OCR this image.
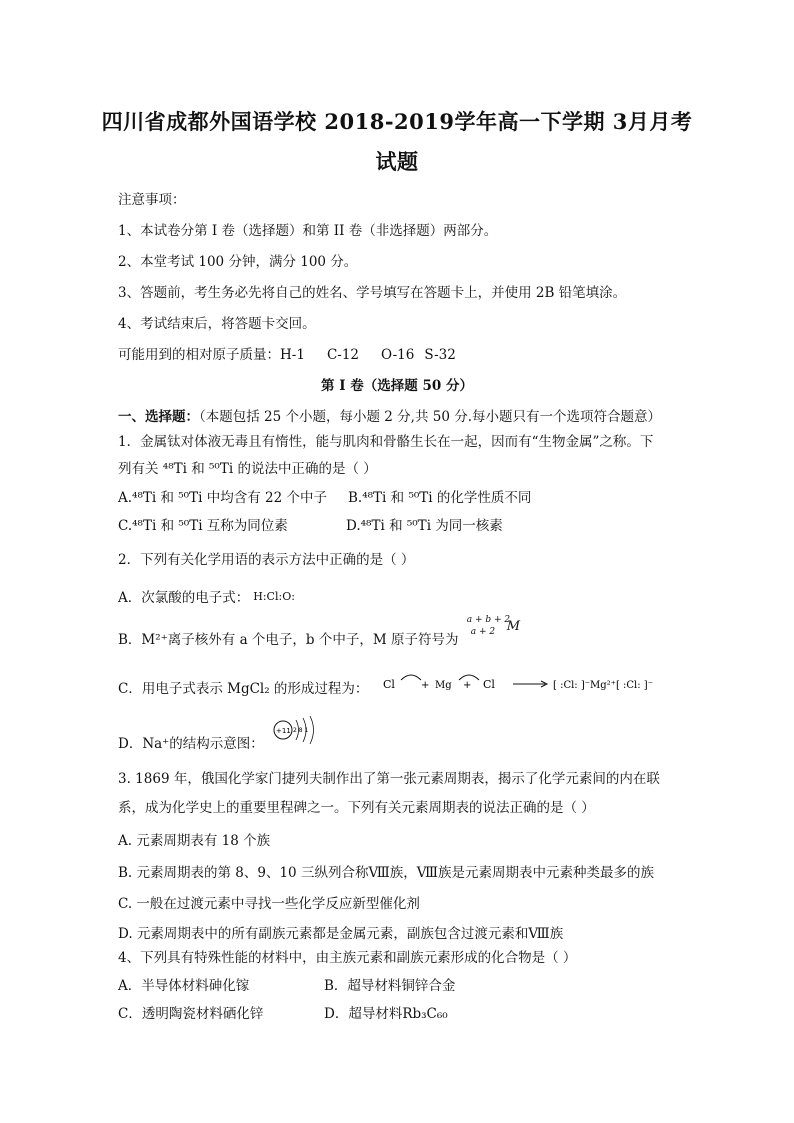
四川省成都外国语学校 2018-2019学年高一下学期 3月月考
试题
注意事项：
1、本试卷分第 I 卷（选择题）和第 II 卷（非选择题）两部分。
2、本堂考试 100 分钟，满分 100 分。
3、答题前，考生务必先将自己的姓名、学号填写在答题卡上，并使用 2B 铅笔填涂。
4、考试结束后，将答题卡交回。
可能用到的相对原子质量：H-1 C-12 O-16 S-32
第 I 卷（选择题 50 分）
一、选择题：（本题包括 25 个小题，每小题 2 分,共 50 分.每小题只有一个选项符合题意）
1．金属钛对体液无毒且有惰性，能与肌肉和骨骼生长在一起，因而有“生物金属”之称。下
列有关 ⁴⁸Ti 和 ⁵⁰Ti 的说法中正确的是（ ）
A.⁴⁸Ti 和 ⁵⁰Ti 中均含有 22 个中子 B.⁴⁸Ti 和 ⁵⁰Ti 的化学性质不同
C.⁴⁸Ti 和 ⁵⁰Ti 互称为同位素	D.⁴⁸Ti 和 ⁵⁰Ti 为同一核素
2．下列有关化学用语的表示方法中正确的是（ ）
A．次氯酸的电子式： H:Cl:O:
B．M²⁺离子核外有 a 个电子，b 个中子，M 原子符号为
a + b + 2
a + 2 M
C．用电子式表示 MgCl₂ 的形成过程为： Cl	+ Mg + Cl	[ :Cl: ]⁻Mg²⁺[ :Cl: ]⁻
D．Na⁺的结构示意图：
+11 2 8 1
3. 1869 年，俄国化学家门捷列夫制作出了第一张元素周期表，揭示了化学元素间的内在联
系，成为化学史上的重要里程碑之一。下列有关元素周期表的说法正确的是（ ）
A. 元素周期表有 18 个族
B. 元素周期表的第 8、9、10 三纵列合称Ⅷ族，Ⅷ族是元素周期表中元素种类最多的族
C. 一般在过渡元素中寻找一些化学反应新型催化剂
D. 元素周期表中的所有副族元素都是金属元素，副族包含过渡元素和Ⅷ族
4、下列具有特殊性能的材料中，由主族元素和副族元素形成的化合物是（ ）
A．半导体材料砷化镓	B．超导材料铜锌合金
C．透明陶瓷材料硒化锌	D．超导材料Rb₃C₆₀
